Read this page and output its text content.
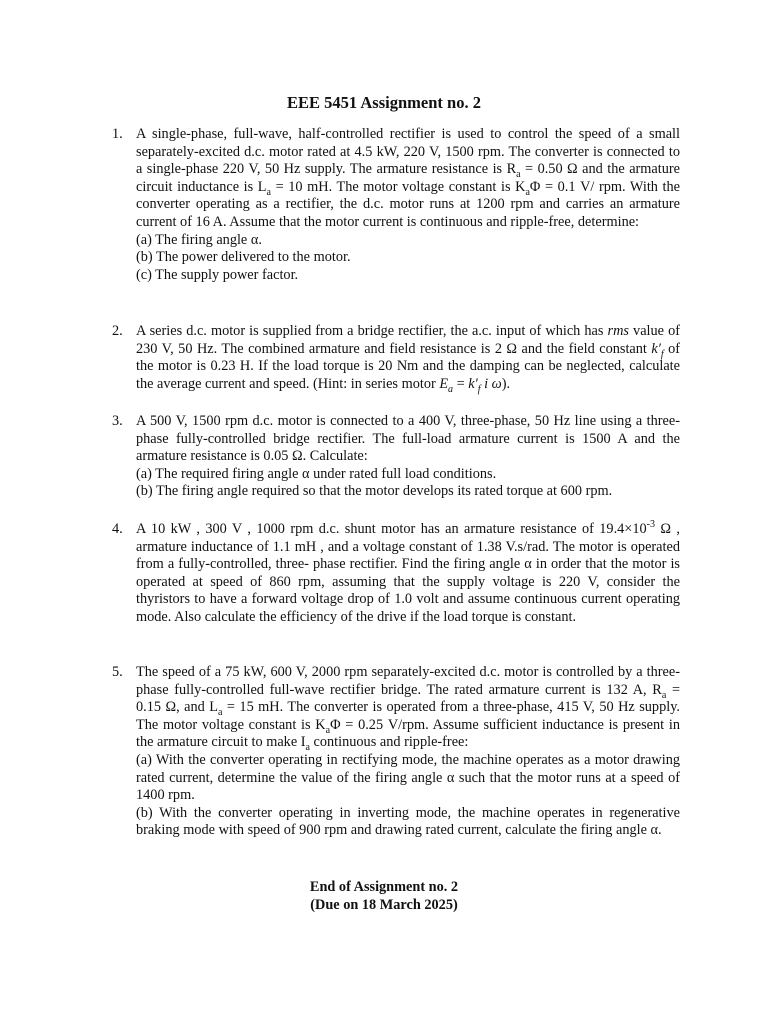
EEE 5451 Assignment no. 2
1. A single-phase, full-wave, half-controlled rectifier is used to control the speed of a small separately-excited d.c. motor rated at 4.5 kW, 220 V, 1500 rpm. The converter is connected to a single-phase 220 V, 50 Hz supply. The armature resistance is $R_a = 0.50$ Ω and the armature circuit inductance is $L_a = 10$ mH. The motor voltage constant is $K_a\Phi = 0.1$ V/ rpm. With the converter operating as a rectifier, the d.c. motor runs at 1200 rpm and carries an armature current of 16 A. Assume that the motor current is continuous and ripple-free, determine:

(a) The firing angle α.

(b) The power delivered to the motor.

(c) The supply power factor.

2. A series d.c. motor is supplied from a bridge rectifier, the a.c. input of which has rms value of 230 V, 50 Hz. The combined armature and field resistance is 2 Ω and the field constant $k'_f$ of the motor is 0.23 H. If the load torque is 20 Nm and the damping can be neglected, calculate the average current and speed. (Hint: in series motor $E_a = k'_f$ i ω).

3. A 500 V, 1500 rpm d.c. motor is connected to a 400 V, three-phase, 50 Hz line using a three-phase fully-controlled bridge rectifier. The full-load armature current is 1500 A and the armature resistance is 0.05 Ω. Calculate:

(a) The required firing angle α under rated full load conditions.

(b) The firing angle required so that the motor develops its rated torque at 600 rpm.

4. A 10 kW , 300 V , 1000 rpm d.c. shunt motor has an armature resistance of $19.4\times 10^{-3}$ Ω , armature inductance of 1.1 mH , and a voltage constant of 1.38 V.s/rad. The motor is operated from a fully-controlled, three- phase rectifier. Find the firing angle α in order that the motor is operated at speed of 860 rpm, assuming that the supply voltage is 220 V, consider the thyristors to have a forward voltage drop of 1.0 volt and assume continuous current operating mode. Also calculate the efficiency of the drive if the load torque is constant.

5. The speed of a 75 kW, 600 V, 2000 rpm separately-excited d.c. motor is controlled by a three-phase fully-controlled full-wave rectifier bridge. The rated armature current is 132 A, $R_a = 0.15$ Ω, and $L_a = 15$ mH. The converter is operated from a three-phase, 415 V, 50 Hz supply. The motor voltage constant is $K_a\Phi = 0.25$ V/rpm. Assume sufficient inductance is present in the armature circuit to make $I_a$ continuous and ripple-free:

(a) With the converter operating in rectifying mode, the machine operates as a motor drawing rated current, determine the value of the firing angle α such that the motor runs at a speed of 1400 rpm.

(b) With the converter operating in inverting mode, the machine operates in regenerative braking mode with speed of 900 rpm and drawing rated current, calculate the firing angle α.

End of Assignment no. 2
(Due on 18 March 2025)
